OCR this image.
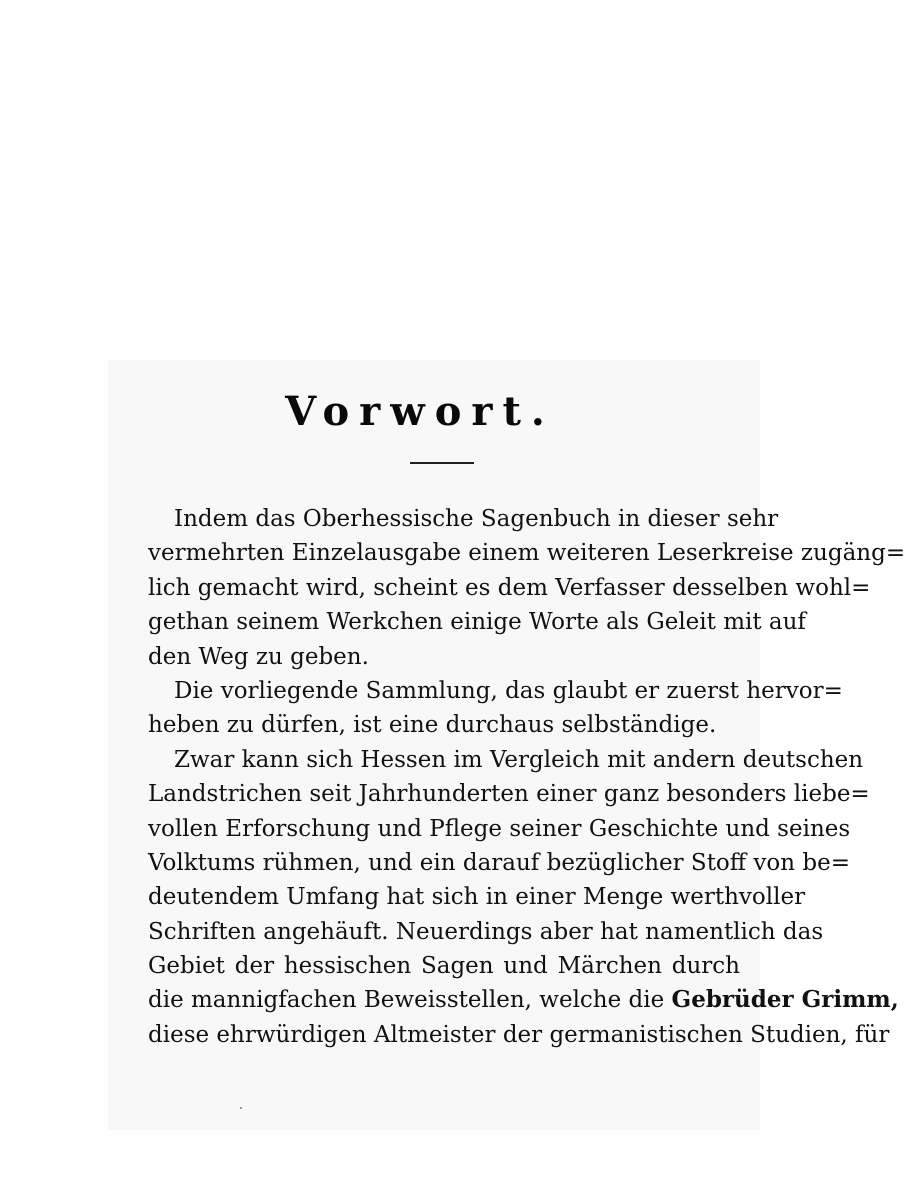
Vorwort.
Indem das Oberhessische Sagenbuch in dieser sehr
vermehrten Einzelausgabe einem weiteren Leserkreise zugäng=
lich gemacht wird, scheint es dem Verfasser desselben wohl=
gethan seinem Werkchen einige Worte als Geleit mit auf
den Weg zu geben.
Die vorliegende Sammlung, das glaubt er zuerst hervor=
heben zu dürfen, ist eine durchaus selbständige.
Zwar kann sich Hessen im Vergleich mit andern deutschen
Landstrichen seit Jahrhunderten einer ganz besonders liebe=
vollen Erforschung und Pflege seiner Geschichte und seines
Volktums rühmen, und ein darauf bezüglicher Stoff von be=
deutendem Umfang hat sich in einer Menge werthvoller
Schriften angehäuft. Neuerdings aber hat namentlich das
Gebiet der hessischen Sagen und Märchen durch
die mannigfachen Beweisstellen, welche die Gebrüder Grimm,
diese ehrwürdigen Altmeister der germanistischen Studien, für
